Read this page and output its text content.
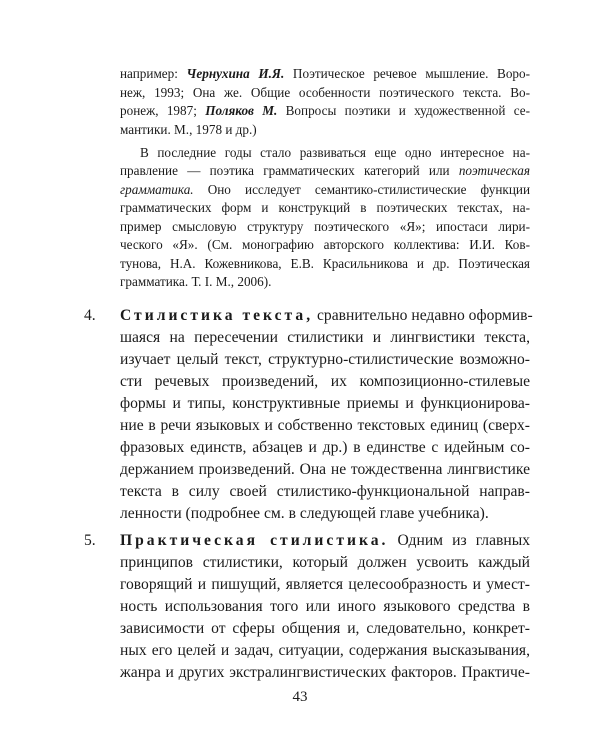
например: Чернухина И.Я. Поэтическое речевое мышление. Воро-
неж, 1993; Она же. Общие особенности поэтического текста. Во-
ронеж, 1987; Поляков М. Вопросы поэтики и художественной се-
мантики. М., 1978 и др.)
В последние годы стало развиваться еще одно интересное на-
правление — поэтика грамматических категорий или поэтическая
грамматика. Оно исследует семантико-стилистические функции
грамматических форм и конструкций в поэтических текстах, на-
пример смысловую структуру поэтического «Я»; ипостаси лири-
ческого «Я». (См. монографию авторского коллектива: И.И. Ков-
тунова, Н.А. Кожевникова, Е.В. Красильникова и др. Поэтическая
грамматика. Т. I. М., 2006).
4. Стилистика текста, сравнительно недавно оформив-
шаяся на пересечении стилистики и лингвистики текста,
изучает целый текст, структурно-стилистические возможно-
сти речевых произведений, их композиционно-стилевые
формы и типы, конструктивные приемы и функционирова-
ние в речи языковых и собственно текстовых единиц (сверх-
фразовых единств, абзацев и др.) в единстве с идейным со-
держанием произведений. Она не тождественна лингвистике
текста в силу своей стилистико-функциональной направ-
ленности (подробнее см. в следующей главе учебника).
5. Практическая стилистика. Одним из главных
принципов стилистики, который должен усвоить каждый
говорящий и пишущий, является целесообразность и умест-
ность использования того или иного языкового средства в
зависимости от сферы общения и, следовательно, конкрет-
ных его целей и задач, ситуации, содержания высказывания,
жанра и других экстралингвистических факторов. Практиче-
43
